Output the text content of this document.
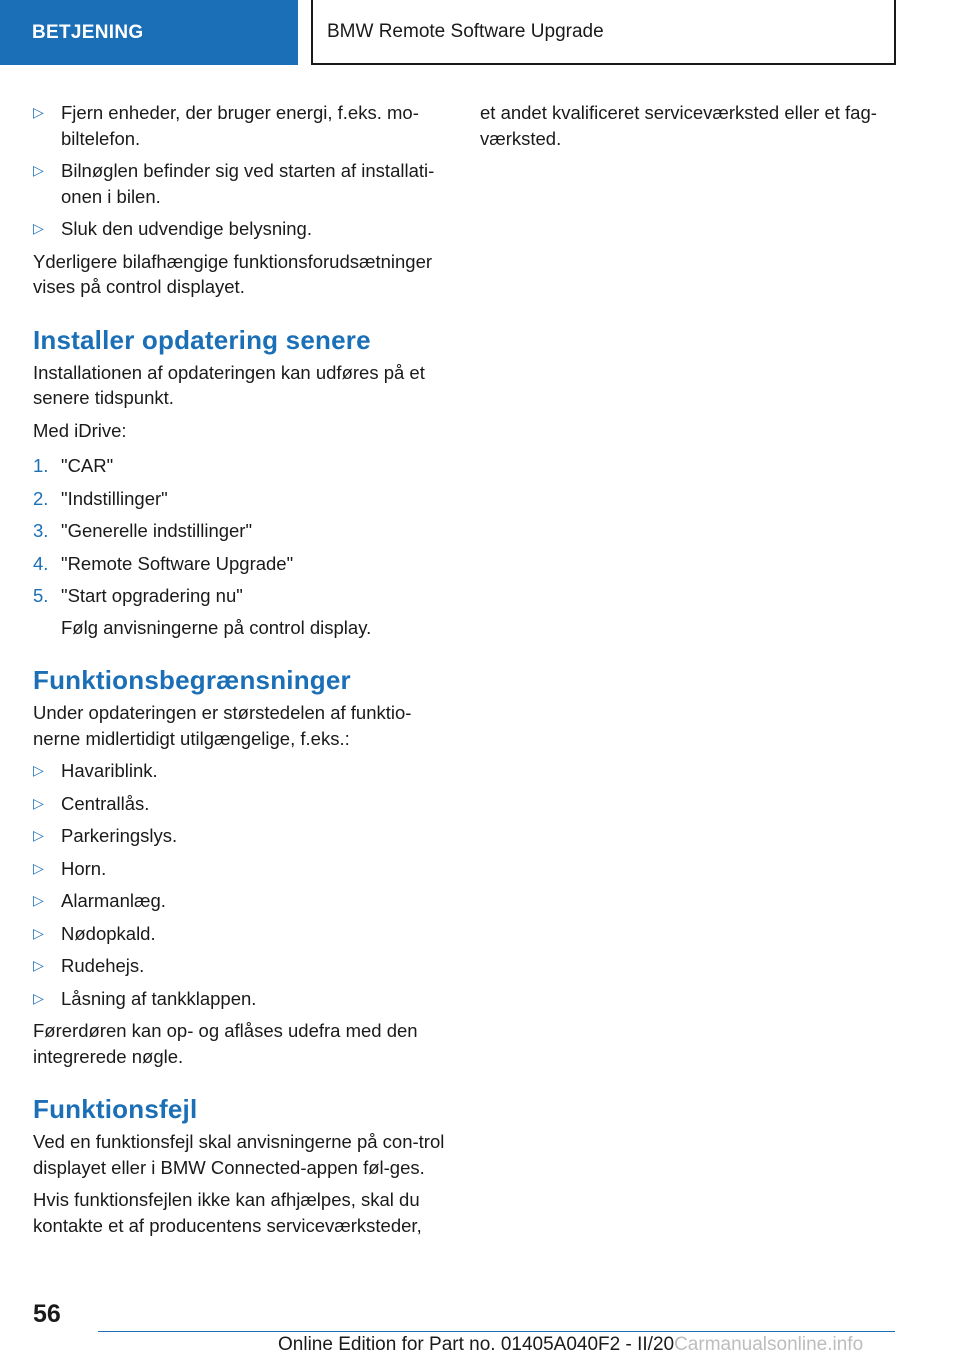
BETJENING	BMW Remote Software Upgrade
▷ Fjern enheder, der bruger energi, f.eks. mo-biltelefon.
▷ Bilnøglen befinder sig ved starten af installati-onen i bilen.
▷ Sluk den udvendige belysning.

Yderligere bilafhængige funktionsforudsætninger vises på control displayet.

Installer opdatering senere

Installationen af opdateringen kan udføres på et senere tidspunkt.

Med iDrive:

1. "CAR"
2. "Indstillinger"
3. "Generelle indstillinger"
4. "Remote Software Upgrade"
5. "Start opgradering nu"

Følg anvisningerne på control display.

Funktionsbegrænsninger

Under opdateringen er størstedelen af funktio-nerne midlertidigt utilgængelige, f.eks.:

▷ Havariblink.
▷ Centrallås.
▷ Parkeringslys.
▷ Horn.
▷ Alarmanlæg.
▷ Nødopkald.
▷ Rudehejs.
▷ Låsning af tankklappen.

Førerdøren kan op- og aflåses udefra med den integrerede nøgle.

Funktionsfejl

Ved en funktionsfejl skal anvisningerne på con-trol displayet eller i BMW Connected-appen føl-ges.

Hvis funktionsfejlen ikke kan afhjælpes, skal du kontakte et af producentens serviceværksteder,

et andet kvalificeret serviceværksted eller et fag-værksted.

56
Online Edition for Part no. 01405A040F2 - II/20Carmanualsonline.info
